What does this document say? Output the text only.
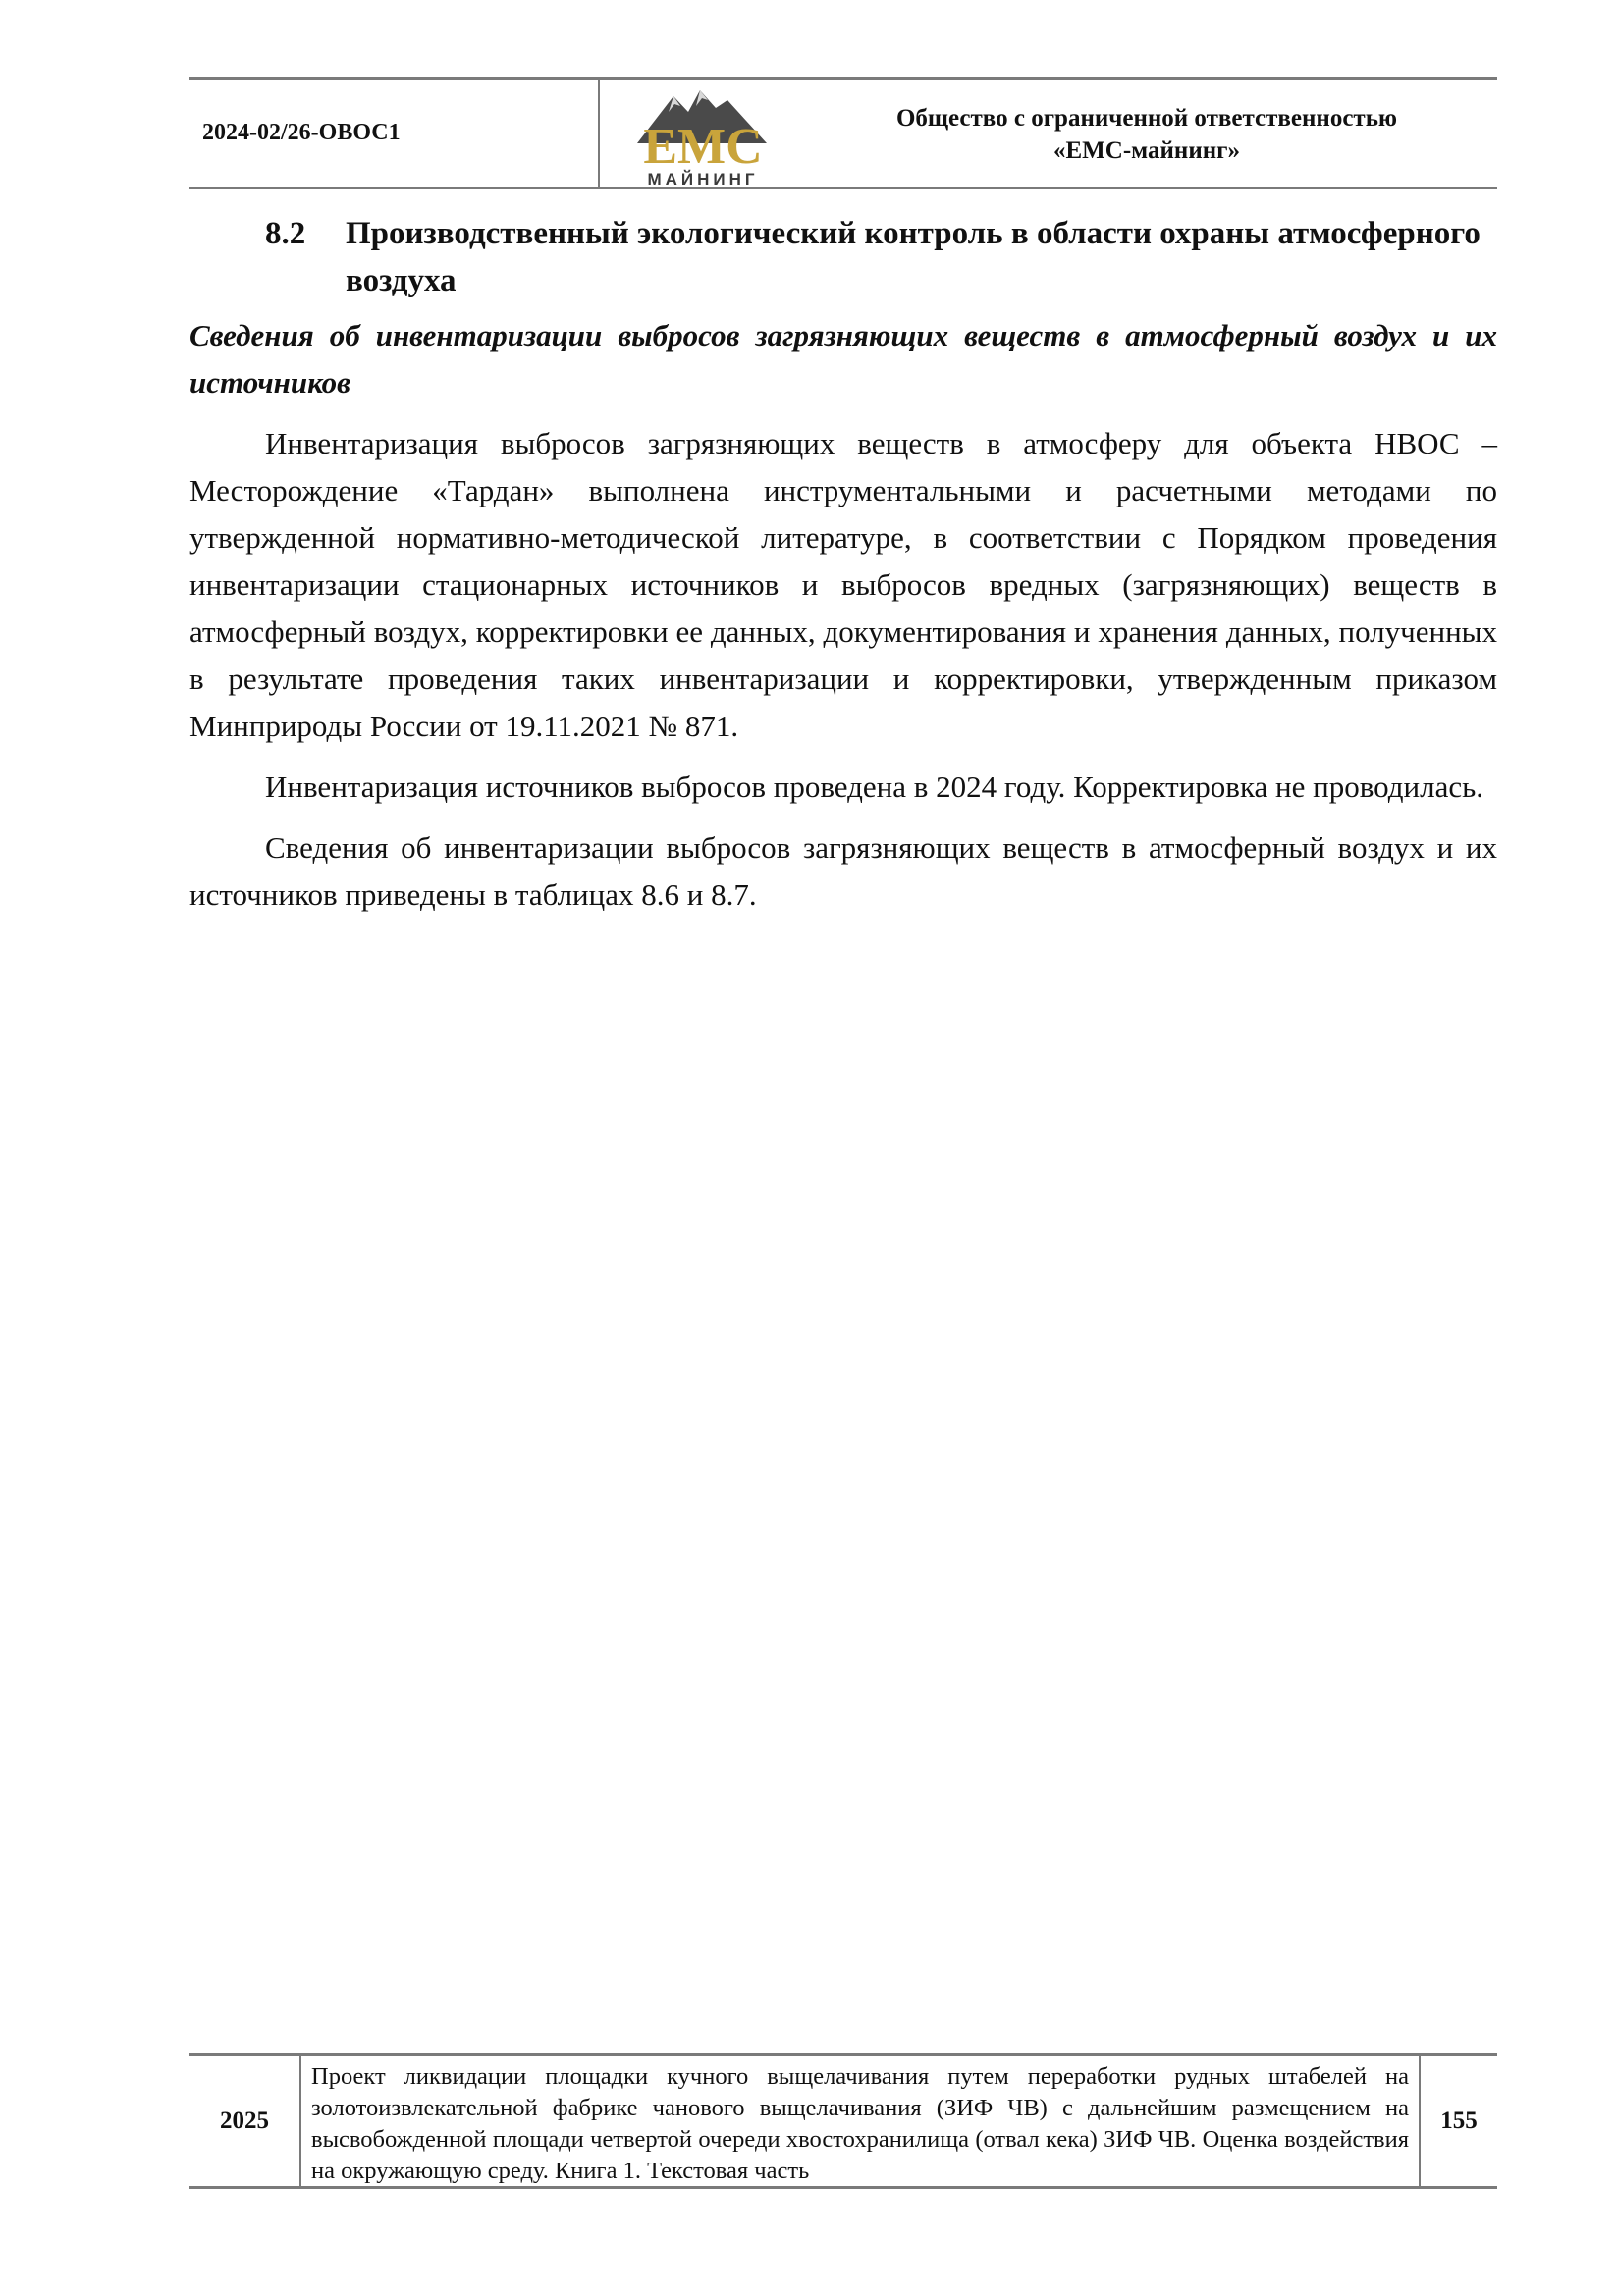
2024-02/26-ОВОС1	ЕМС
МАЙНИНГ
Общество с ограниченной ответственностью
«ЕМС-майнинг»
8.2	Производственный экологический контроль в области охраны атмосферного воздуха

Сведения об инвентаризации выбросов загрязняющих веществ в атмосферный воздух и их источников

Инвентаризация выбросов загрязняющих веществ в атмосферу для объекта НВОС – Месторождение «Тардан» выполнена инструментальными и расчетными методами по утвержденной нормативно-методической литературе, в соответствии с Порядком проведения инвентаризации стационарных источников и выбросов вредных (загрязняющих) веществ в атмосферный воздух, корректировки ее данных, документирования и хранения данных, полученных в результате проведения таких инвентаризации и корректировки, утвержденным приказом Минприроды России от 19.11.2021 № 871.

Инвентаризация источников выбросов проведена в 2024 году. Корректировка не проводилась.

Сведения об инвентаризации выбросов загрязняющих веществ в атмосферный воздух и их источников приведены в таблицах 8.6 и 8.7.

2025
Проект ликвидации площадки кучного выщелачивания путем переработки рудных штабелей на золотоизвлекательной фабрике чанового выщелачивания (ЗИФ ЧВ) с дальнейшим размещением на высвобожденной площади четвертой очереди хвостохранилища (отвал кека) ЗИФ ЧВ. Оценка воздействия на окружающую среду. Книга 1. Текстовая часть
155
